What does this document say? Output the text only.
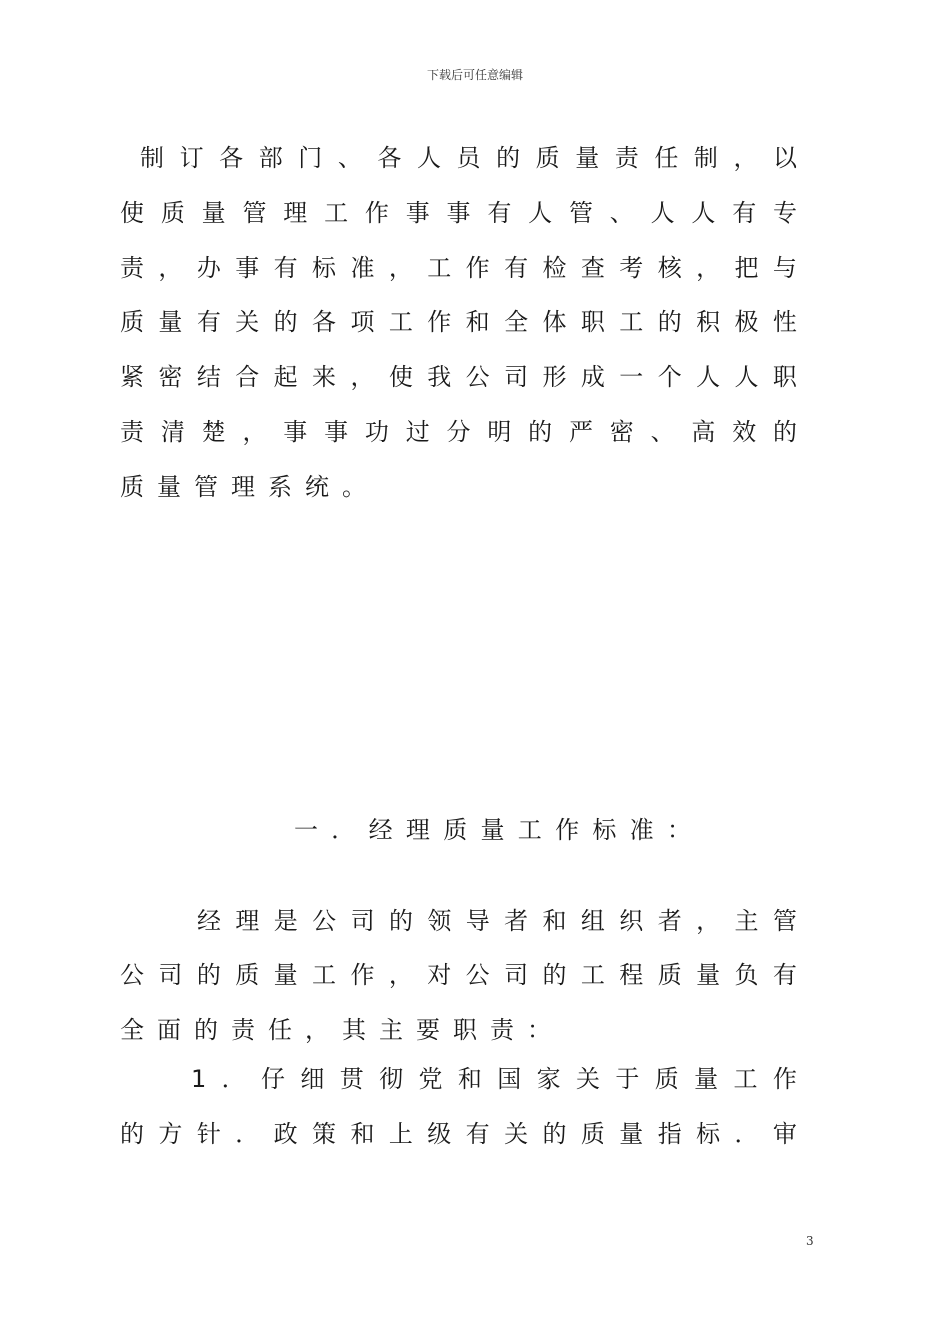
下载后可任意编辑
制 订 各 部 门 、 各 人 员 的 质 量 责 任 制 ， 以
使 质 量 管 理 工 作 事 事 有 人 管 、 人 人 有 专
责 ， 办 事 有 标 准 ， 工 作 有 检 查 考 核 ， 把 与
质 量 有 关 的 各 项 工 作 和 全 体 职 工 的 积 极 性
紧 密 结 合 起 来 ， 使 我 公 司 形 成 一 个 人 人 职
责 清 楚 ， 事 事 功 过 分 明 的 严 密 、 高 效 的
质量管理系统。
一 ． 经 理 质 量 工 作 标 准 ：
经 理 是 公 司 的 领 导 者 和 组 织 者 ， 主 管
公 司 的 质 量 工 作 ， 对 公 司 的 工 程 质 量 负 有
全面的责任，其主要职责：
1 ． 仔 细 贯 彻 党 和 国 家 关 于 质 量 工 作
的 方 针 ． 政 策 和 上 级 有 关 的 质 量 指 标 ． 审
3
